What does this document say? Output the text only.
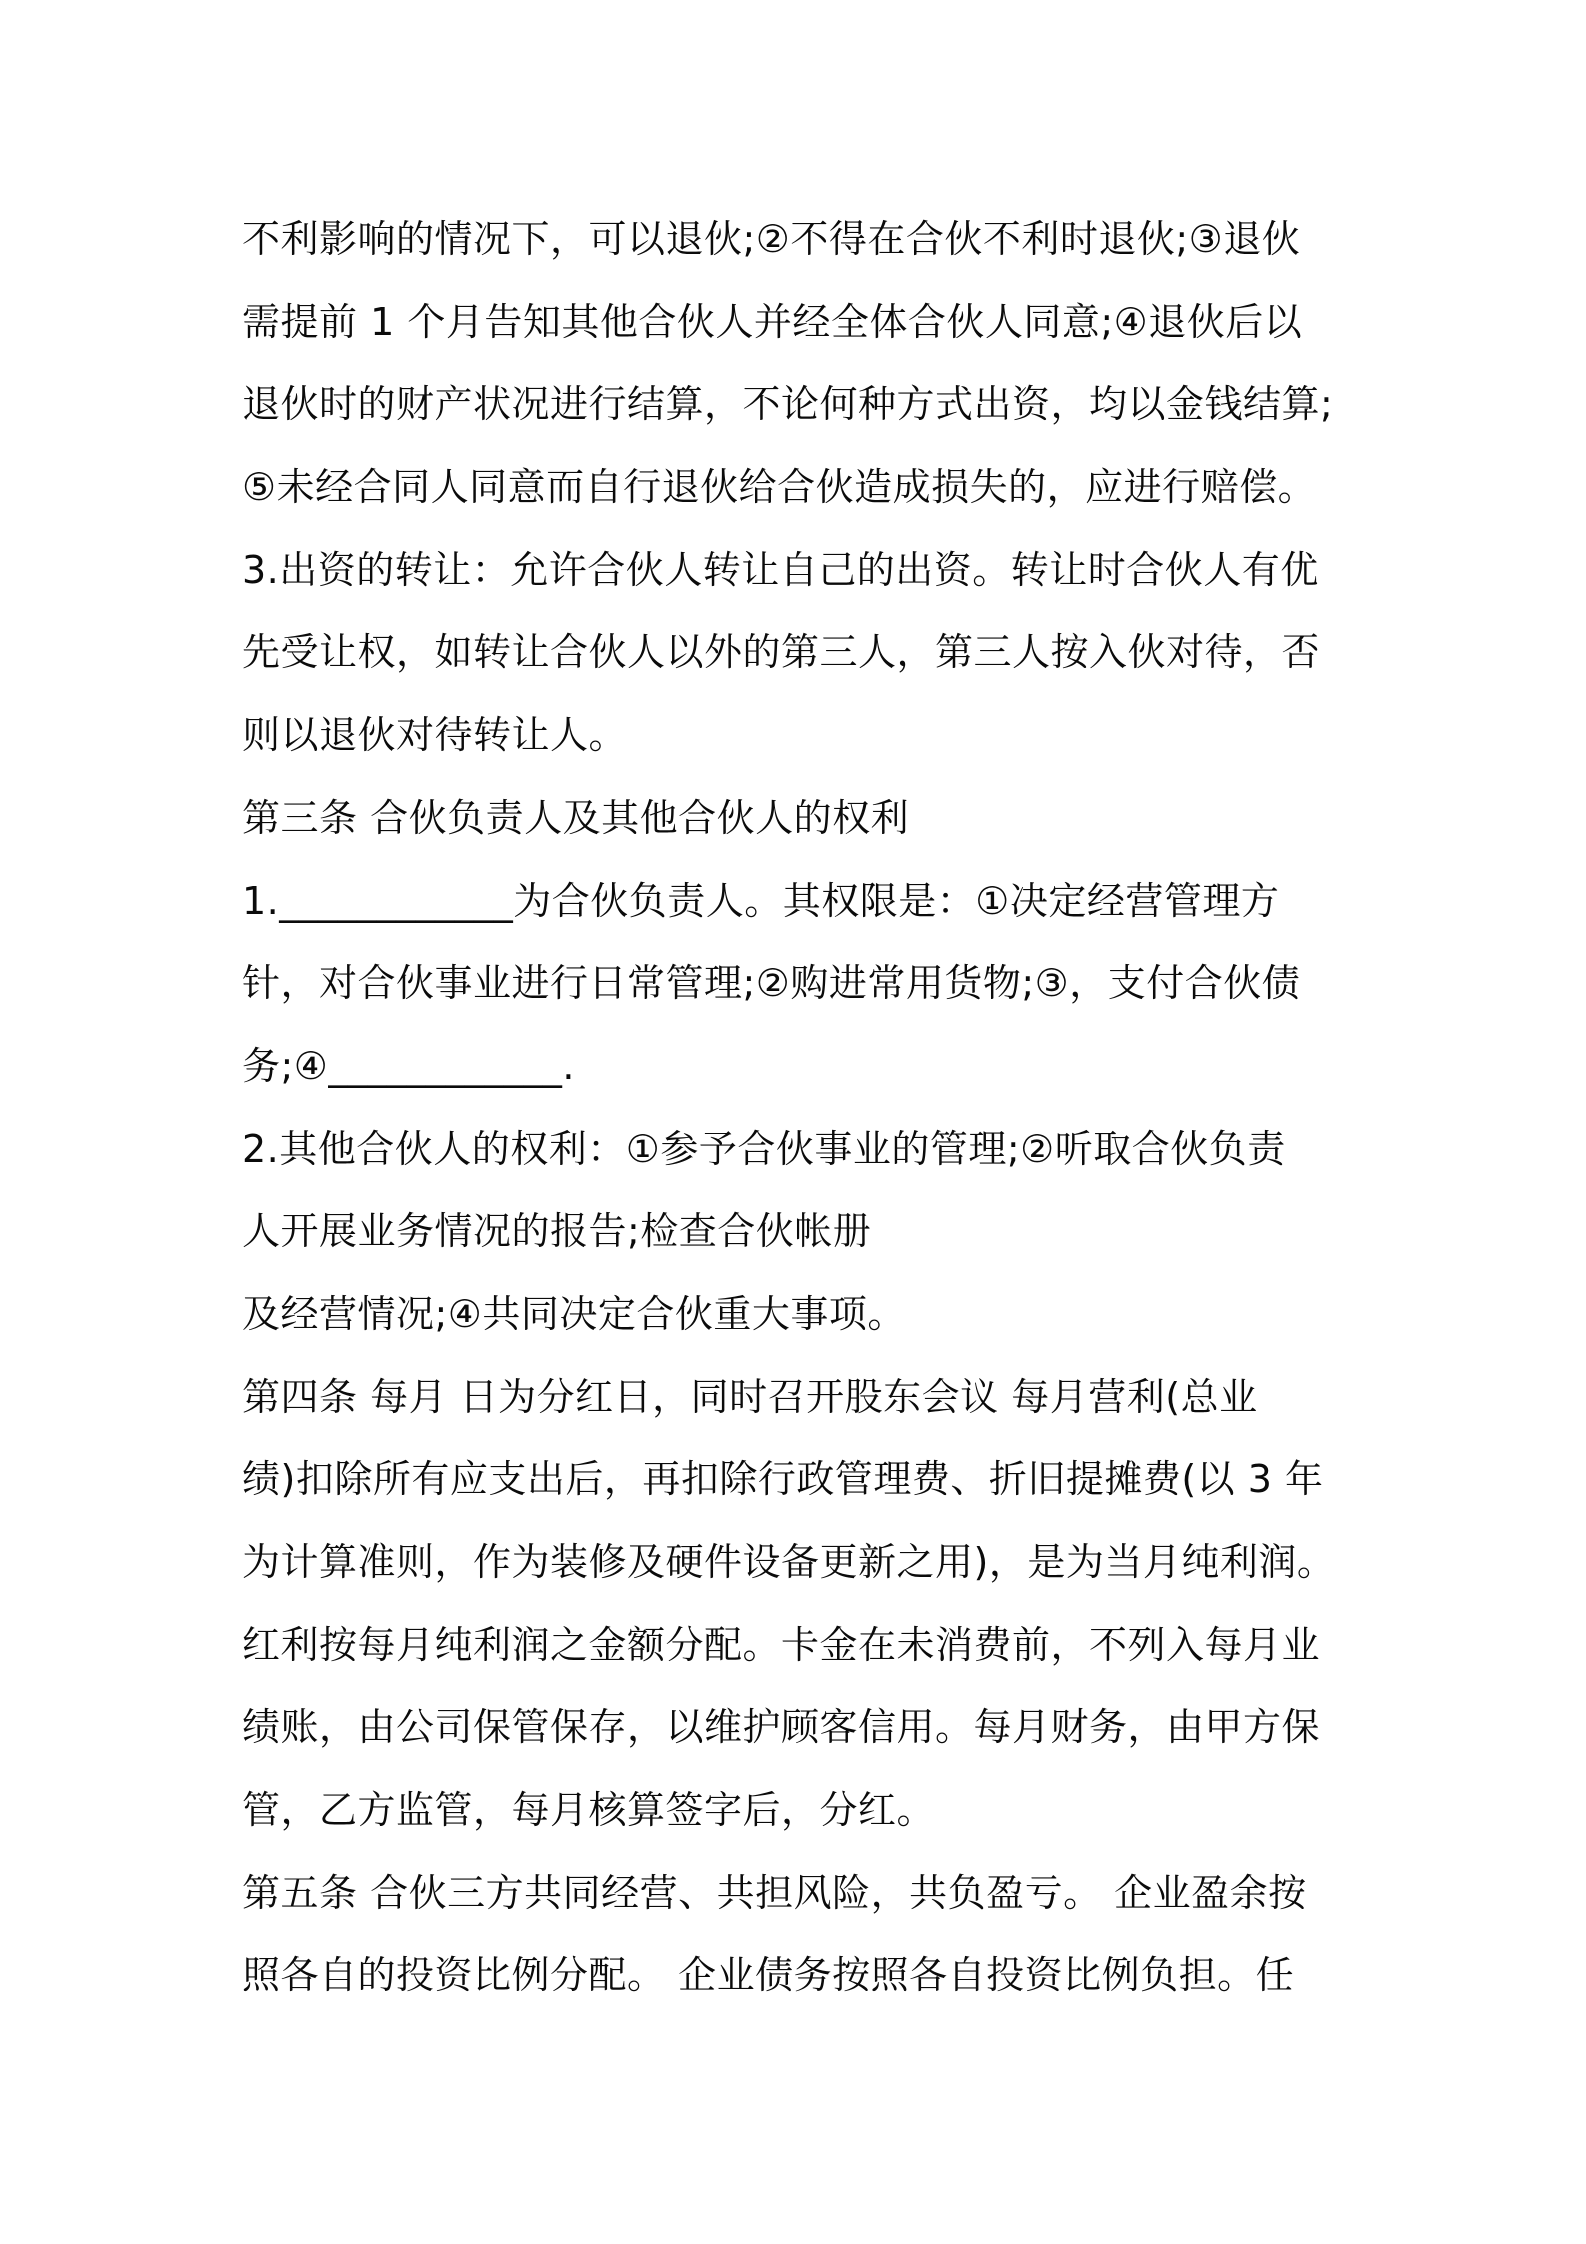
不利影响的情况下，可以退伙;②不得在合伙不利时退伙;③退伙
需提前 1 个月告知其他合伙人并经全体合伙人同意;④退伙后以
退伙时的财产状况进行结算，不论何种方式出资，均以金钱结算;
⑤未经合同人同意而自行退伙给合伙造成损失的，应进行赔偿。
3.出资的转让：允许合伙人转让自己的出资。转让时合伙人有优
先受让权，如转让合伙人以外的第三人，第三人按入伙对待，否
则以退伙对待转让人。
第三条 合伙负责人及其他合伙人的权利
1.____________为合伙负责人。其权限是：①决定经营管理方
针，对合伙事业进行日常管理;②购进常用货物;③，支付合伙债
务;④____________.
2.其他合伙人的权利：①参予合伙事业的管理;②听取合伙负责
人开展业务情况的报告;检查合伙帐册
及经营情况;④共同决定合伙重大事项。
第四条 每月 日为分红日，同时召开股东会议 每月营利(总业
绩)扣除所有应支出后，再扣除行政管理费、折旧提摊费(以 3 年
为计算准则，作为装修及硬件设备更新之用)，是为当月纯利润。
红利按每月纯利润之金额分配。卡金在未消费前，不列入每月业
绩账，由公司保管保存，以维护顾客信用。每月财务，由甲方保
管，乙方监管，每月核算签字后，分红。
第五条 合伙三方共同经营、共担风险，共负盈亏。 企业盈余按
照各自的投资比例分配。 企业债务按照各自投资比例负担。任
